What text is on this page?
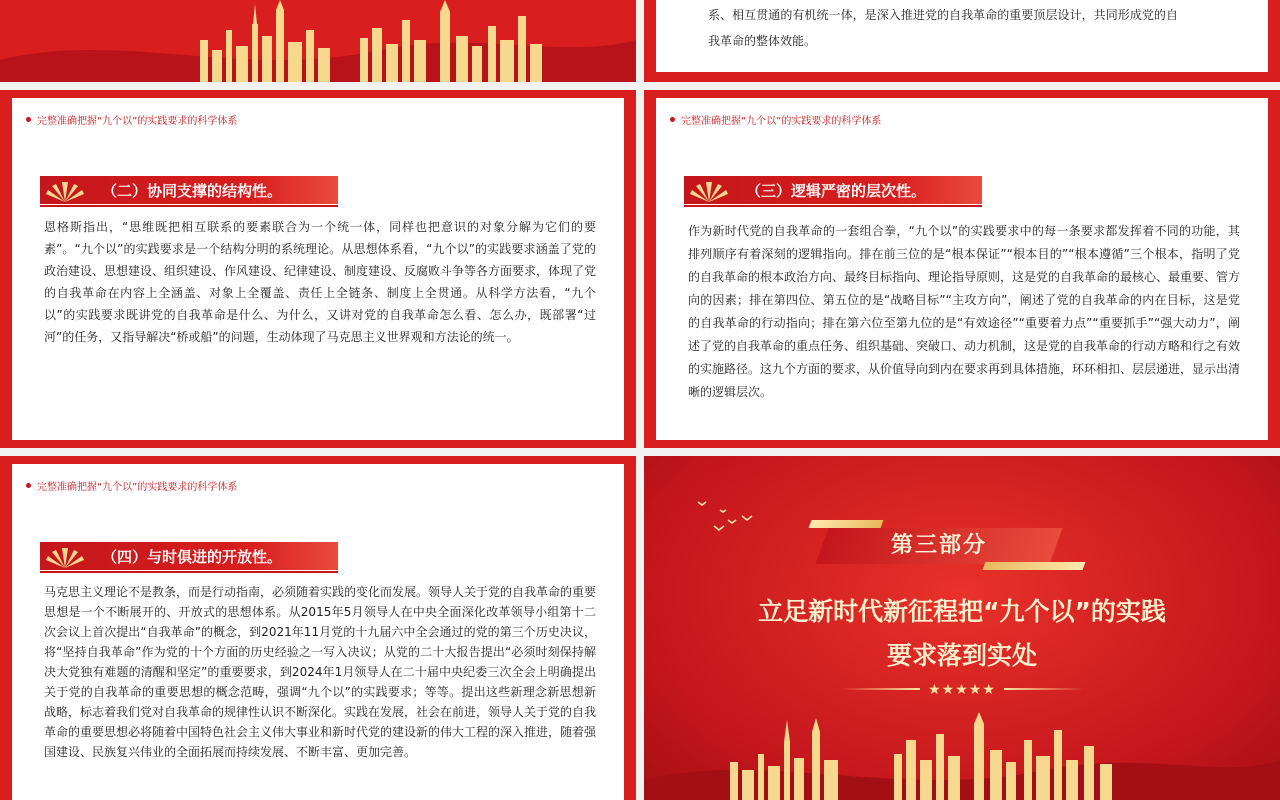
系、相互贯通的有机统一体，是深入推进党的自我革命的重要顶层设计，共同形成党的自我革命的整体效能。
完整准确把握“九个以”的实践要求的科学体系
（二）协同支撑的结构性。
恩格斯指出，“思维既把相互联系的要素联合为一个统一体，同样也把意识的对象分解为它们的要素”。“九个以”的实践要求是一个结构分明的系统理论。从思想体系看，“九个以”的实践要求涵盖了党的政治建设、思想建设、组织建设、作风建设、纪律建设、制度建设、反腐败斗争等各方面要求，体现了党的自我革命在内容上全涵盖、对象上全覆盖、责任上全链条、制度上全贯通。从科学方法看，“九个以”的实践要求既讲党的自我革命是什么、为什么，又讲对党的自我革命怎么看、怎么办，既部署“过河”的任务，又指导解决“桥或船”的问题，生动体现了马克思主义世界观和方法论的统一。
完整准确把握“九个以”的实践要求的科学体系
（三）逻辑严密的层次性。
作为新时代党的自我革命的一套组合拳，“九个以”的实践要求中的每一条要求都发挥着不同的功能，其排列顺序有着深刻的逻辑指向。排在前三位的是“根本保证”“根本目的”“根本遵循”三个根本，指明了党的自我革命的根本政治方向、最终目标指向、理论指导原则，这是党的自我革命的最核心、最重要、管方向的因素；排在第四位、第五位的是“战略目标”“主攻方向”，阐述了党的自我革命的内在目标，这是党的自我革命的行动指向；排在第六位至第九位的是“有效途径”“重要着力点”“重要抓手”“强大动力”，阐述了党的自我革命的重点任务、组织基础、突破口、动力机制，这是党的自我革命的行动方略和行之有效的实施路径。这九个方面的要求，从价值导向到内在要求再到具体措施，环环相扣、层层递进，显示出清晰的逻辑层次。
完整准确把握“九个以”的实践要求的科学体系
（四）与时俱进的开放性。
马克思主义理论不是教条，而是行动指南，必须随着实践的变化而发展。领导人关于党的自我革命的重要思想是一个不断展开的、开放式的思想体系。从2015年5月领导人在中央全面深化改革领导小组第十二次会议上首次提出“自我革命”的概念，到2021年11月党的十九届六中全会通过的党的第三个历史决议，将“坚持自我革命”作为党的十个方面的历史经验之一写入决议；从党的二十大报告提出“必须时刻保持解决大党独有难题的清醒和坚定”的重要要求，到2024年1月领导人在二十届中央纪委三次全会上明确提出关于党的自我革命的重要思想的概念范畴，强调“九个以”的实践要求；等等。提出这些新理念新思想新战略，标志着我们党对自我革命的规律性认识不断深化。实践在发展，社会在前进，领导人关于党的自我革命的重要思想必将随着中国特色社会主义伟大事业和新时代党的建设新的伟大工程的深入推进，随着强国建设、民族复兴伟业的全面拓展而持续发展、不断丰富、更加完善。
第三部分
立足新时代新征程把“九个以”的实践
要求落到实处
★★★★★
